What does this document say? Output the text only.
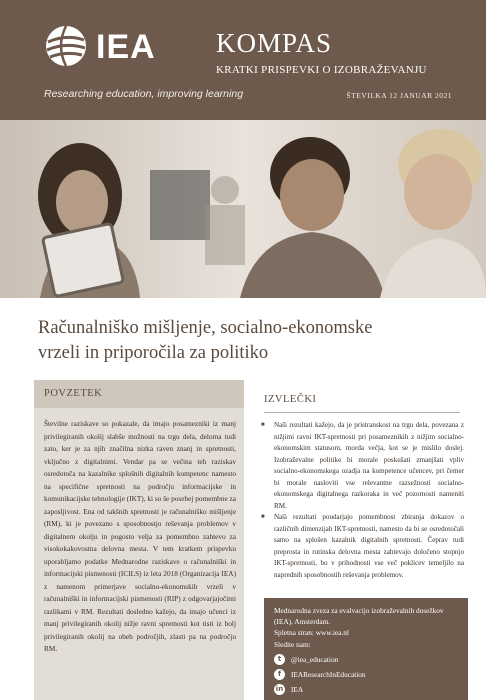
IEA
Researching education, improving learning
KOMPAS
KRATKI PRISPEVKI O IZOBRAŽEVANJU
ŠTEVILKA 12 JANUAR 2021
Računalniško mišljenje, socialno-ekonomske
vrzeli in priporočila za politiko
POVZETEK
Številne raziskave so pokazale, da imajo posamezniki iz manj privilegiranih okolij slabše možnosti na trgu dela, deloma tudi zato, ker je za njih značilna nizka raven znanj in spretnosti, vključno z digitalnimi. Vendar pa se večina teh raziskav osredotoča na kazalnike splošnih digitalnih kompetenc namesto na specifične spretnosti na področju informacijske in komunikacijske tehnologije (IKT), ki so še posebej pomembne za zaposljivost. Ena od takšnih spretnosti je računalniško mišljenje (RM), ki je povezano s sposobnostjo reševanja problemov v digitalnem okolju in pogosto velja za pomembno zahtevo za visokokakovostna delovna mesta. V tem kratkem prispevku uporabljamo podatke Mednarodne raziskave o računalniški in informacijski pismenosti (ICILS) iz leta 2018 (Organizacija IEA) z namenom primerjave socialno-ekonomskih vrzeli v računalniški in informacijski pismenosti (RIP) z odgovarjajočimi razlikami v RM. Rezultati dosledno kažejo, da imajo učenci iz manj privilegiranih okolij nižje ravni spretnosti kot tisti iz bolj privilegiranih okolij na obeh področjih, zlasti pa na področju RM.
IZVLEČKI
■ Naši rezultati kažejo, da je pristranskost na trgu dela, povezana z nižjimi ravni IKT-spretnosti pri posameznikih z nižjim socialno-ekonomskim statusom, morda večja, kot se je mislilo doslej. Izobraževalne politike bi morale poskušati zmanjšati vpliv socialno-ekonomskega ozadja na kompetence učencev, pri čemer bi morale nasloviti vse relevantne razsežnosti socialno-ekonomskega digitalnega razkoraka in več pozornosti nameniti RM.
■ Naši rezultati poudarjajo pomembnost zbiranja dokazov o različnih dimenzijah IKT-spretnosti, namesto da bi se osredotočali samo na splošen kazalnik digitalnih spretnosti. Čeprav tudi preprosta in rutinska delovna mesta zahtevajo določeno stopnjo IKT-spretnosti, bo v prihodnosti vse več poklicev temeljilo na naprednih sposobnostih reševanja problemov.
Mednarodna zveza za evalvacijo izobraževalnih dosežkov (IEA), Amsterdam.
Spletna stran: www.iea.nl
Sledite nam:
t	@iea_education
f	IEAResearchInEducation
in IEA
